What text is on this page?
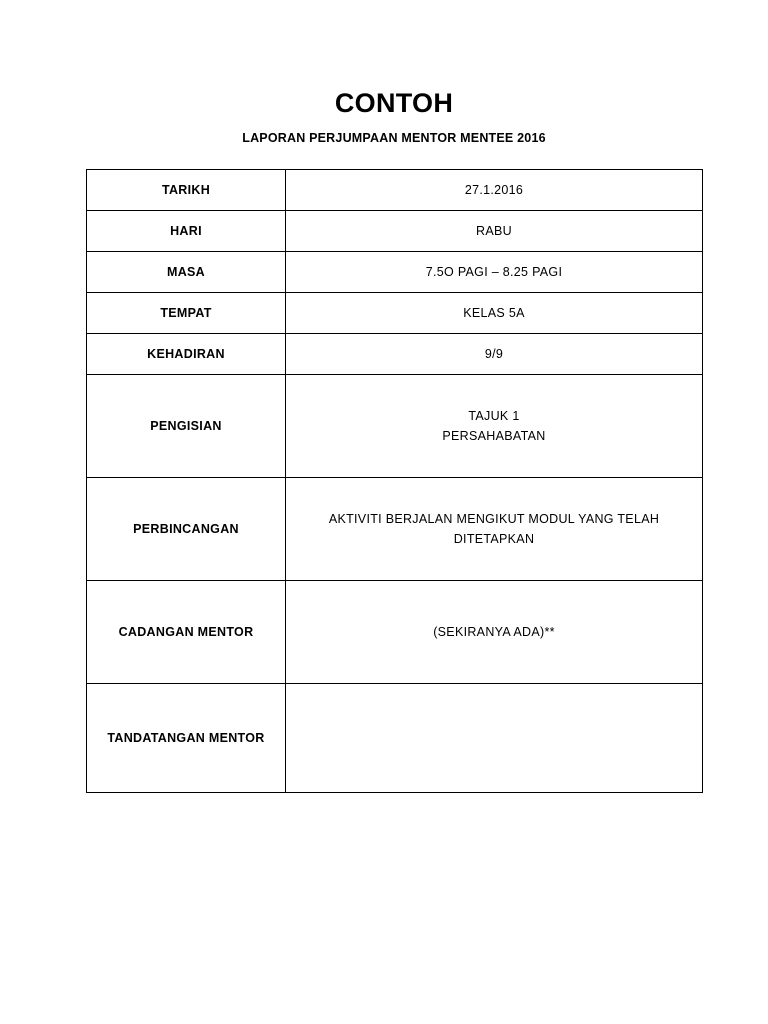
CONTOH
LAPORAN PERJUMPAAN MENTOR MENTEE 2016
TARIKH	27.1.2016
HARI	RABU
MASA	7.5O PAGI – 8.25 PAGI
TEMPAT	KELAS 5A
KEHADIRAN	9/9
PENGISIAN	TAJUK 1
PERSAHABATAN

PERBINCANGAN	AKTIVITI BERJALAN MENGIKUT MODUL YANG TELAH
DITETAPKAN

CADANGAN MENTOR	(SEKIRANYA ADA)**
TANDATANGAN MENTOR	
